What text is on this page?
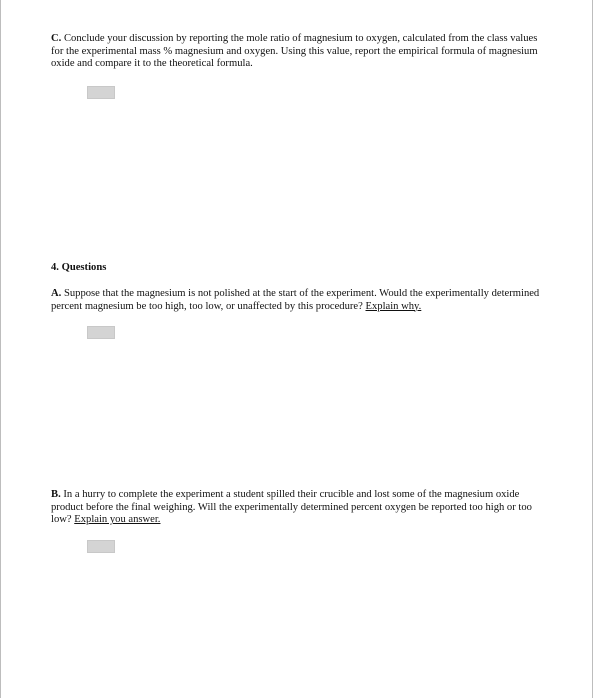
C. Conclude your discussion by reporting the mole ratio of magnesium to oxygen, calculated from the class values for the experimental mass % magnesium and oxygen. Using this value, report the empirical formula of magnesium oxide and compare it to the theoretical formula.

4. Questions

A. Suppose that the magnesium is not polished at the start of the experiment. Would the experimentally determined percent magnesium be too high, too low, or unaffected by this procedure? Explain why.

B. In a hurry to complete the experiment a student spilled their crucible and lost some of the magnesium oxide product before the final weighing. Will the experimentally determined percent oxygen be reported too high or too low? Explain you answer.
